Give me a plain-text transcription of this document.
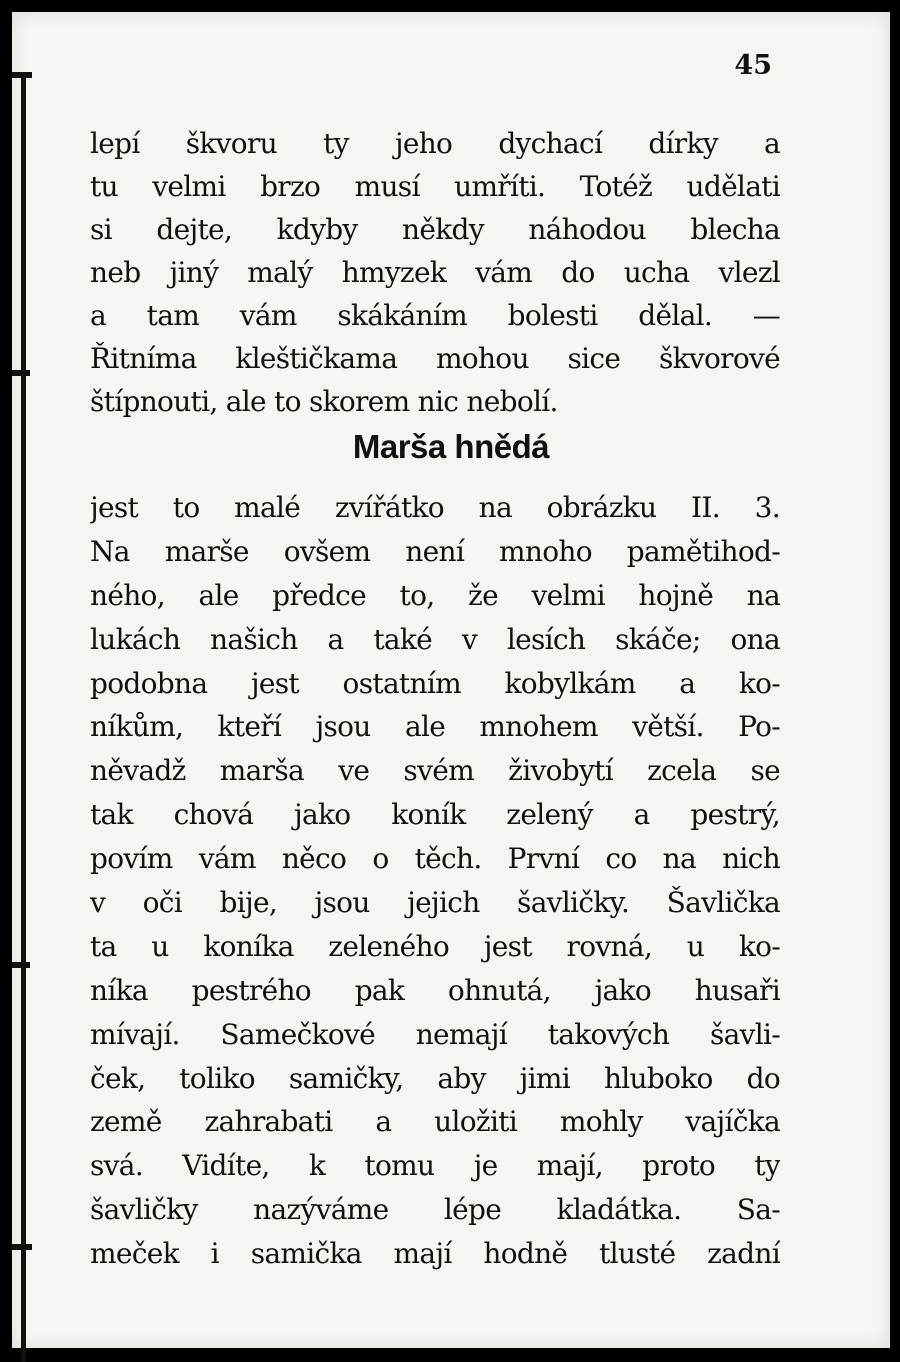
45
lepí škvoru ty jeho dychací dírky a
tu velmi brzo musí umříti. Totéž udělati
si dejte, kdyby někdy náhodou blecha
neb jiný malý hmyzek vám do ucha vlezl
a tam vám skákáním bolesti dělal. —
Řitníma kleštičkama mohou sice škvorové
štípnouti, ale to skorem nic nebolí.
Marša hnědá
jest to malé zvířátko na obrázku II. 3.
Na marše ovšem není mnoho pamětihod-
ného, ale předce to, že velmi hojně na
lukách našich a také v lesích skáče; ona
podobna jest ostatním kobylkám a ko-
níkům, kteří jsou ale mnohem větší. Po-
něvadž marša ve svém živobytí zcela se
tak chová jako koník zelený a pestrý,
povím vám něco o těch. První co na nich
v oči bije, jsou jejich šavličky. Šavlička
ta u koníka zeleného jest rovná, u ko-
níka pestrého pak ohnutá, jako husaři
mívají. Samečkové nemají takových šavli-
ček, toliko samičky, aby jimi hluboko do
země zahrabati a uložiti mohly vajíčka
svá. Vidíte, k tomu je mají, proto ty
šavličky nazýváme lépe kladátka. Sa-
meček i samička mají hodně tlusté zadní
